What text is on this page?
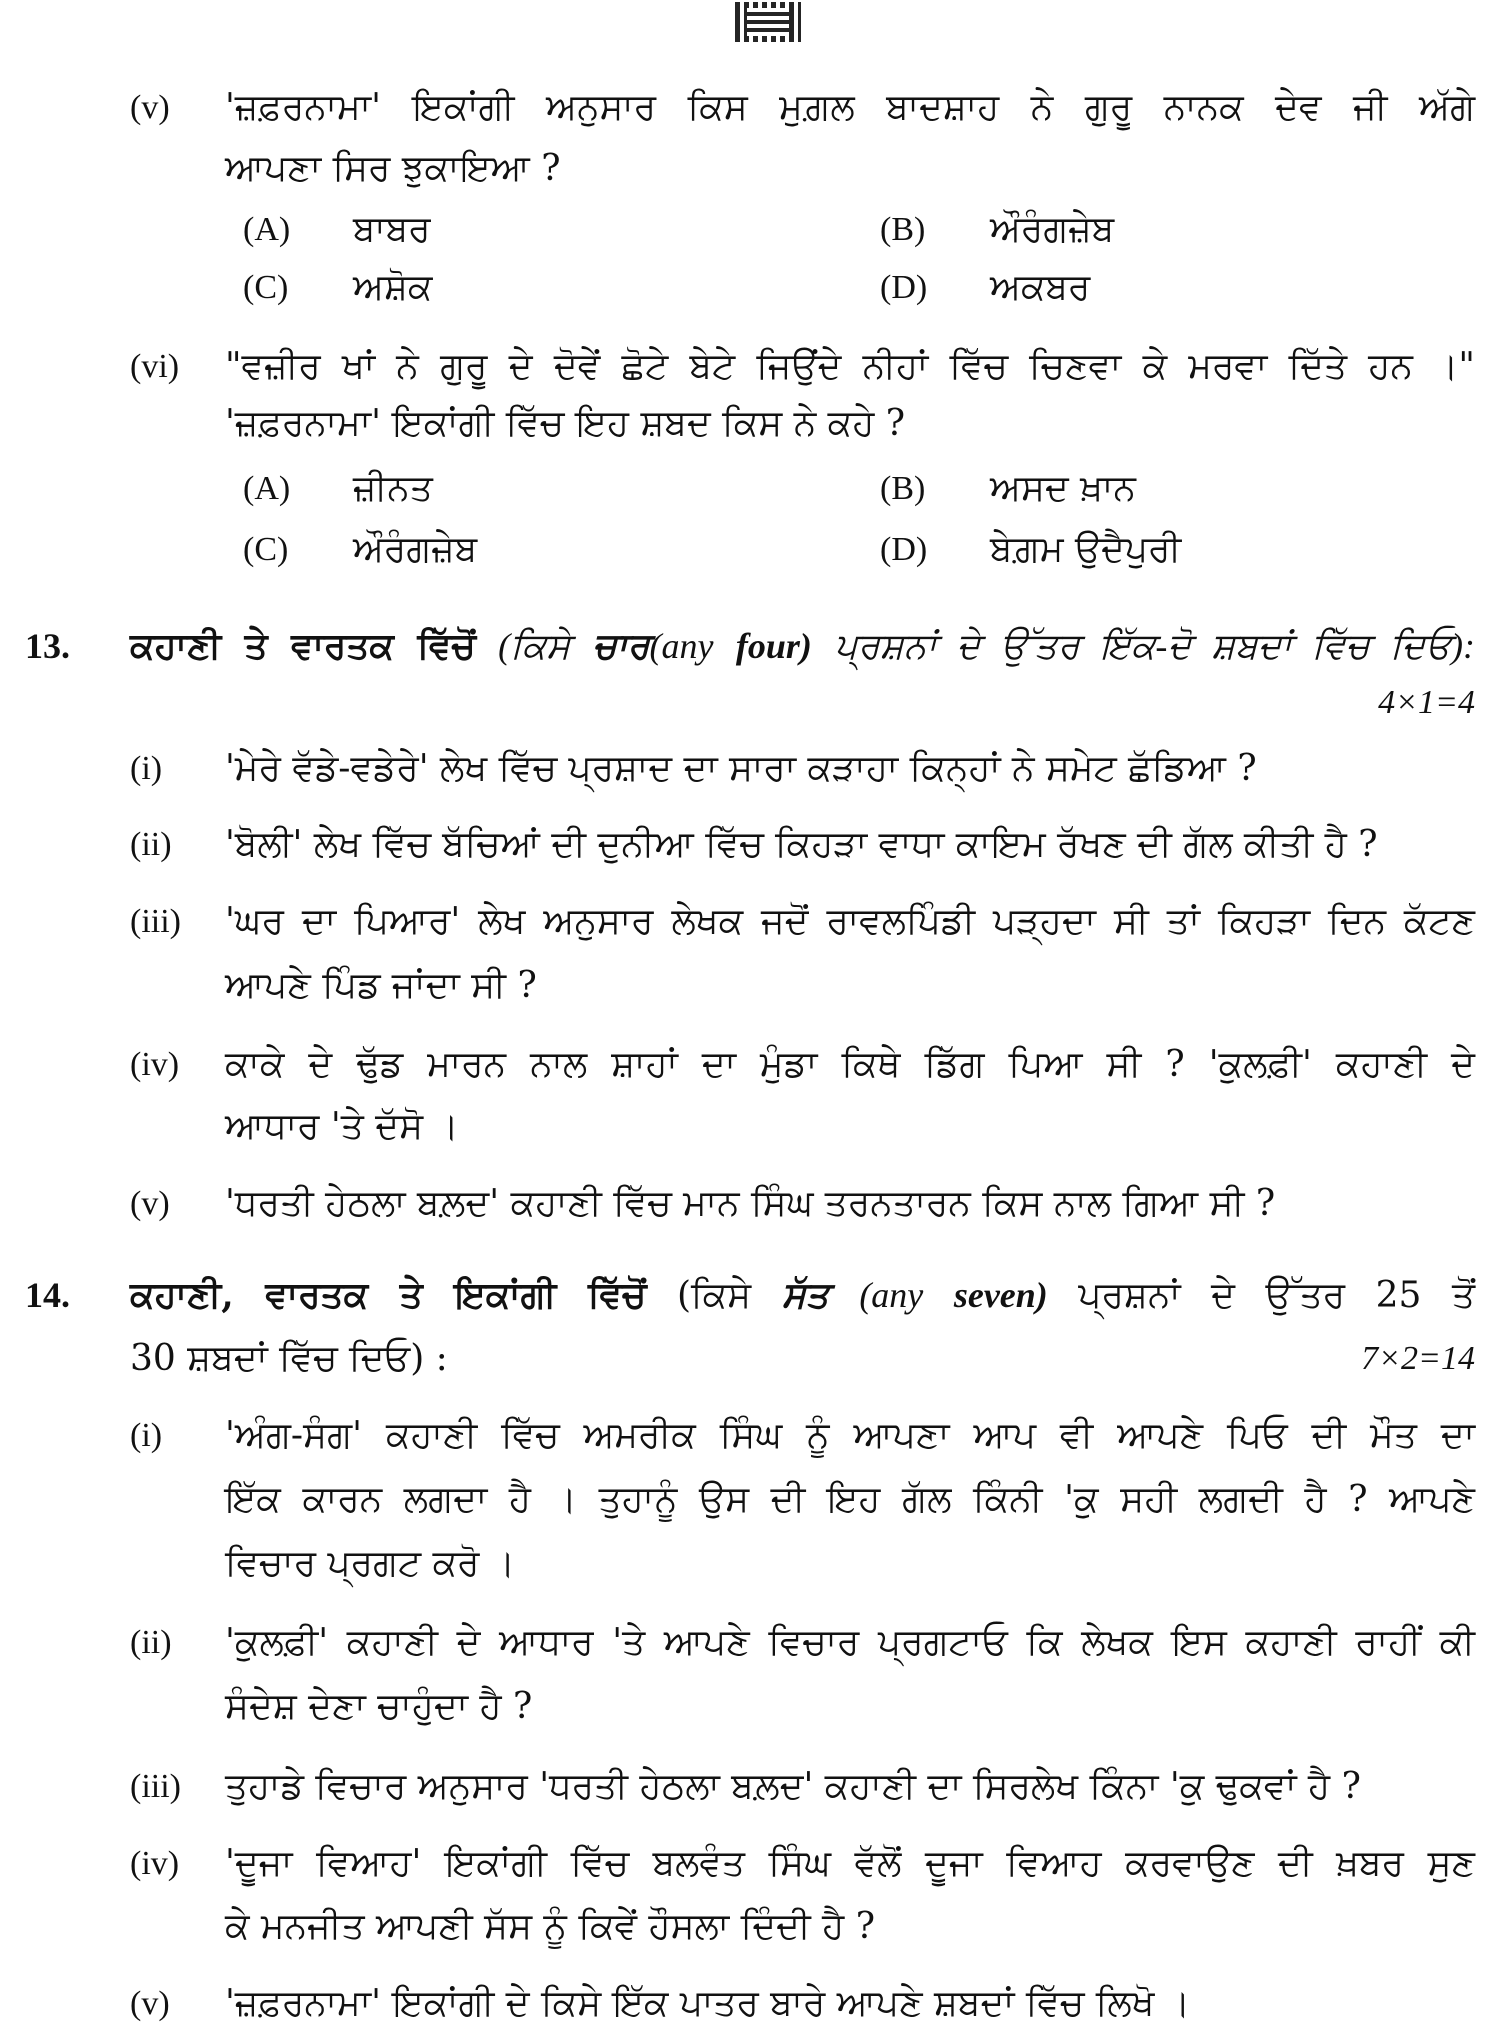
(v) 'ਜ਼ਫ਼ਰਨਾਮਾ' ਇਕਾਂਗੀ ਅਨੁਸਾਰ ਕਿਸ ਮੁਗ਼ਲ ਬਾਦਸ਼ਾਹ ਨੇ ਗੁਰੂ ਨਾਨਕ ਦੇਵ ਜੀ ਅੱਗੇ
ਆਪਣਾ ਸਿਰ ਝੁਕਾਇਆ ?
(A) ਬਾਬਰ	(B) ਔਰੰਗਜ਼ੇਬ
(C) ਅਸ਼ੋਕ	(D) ਅਕਬਰ
(vi) "ਵਜ਼ੀਰ ਖਾਂ ਨੇ ਗੁਰੂ ਦੇ ਦੋਵੇਂ ਛੋਟੇ ਬੇਟੇ ਜਿਉਂਦੇ ਨੀਹਾਂ ਵਿੱਚ ਚਿਣਵਾ ਕੇ ਮਰਵਾ ਦਿੱਤੇ ਹਨ ।"
'ਜ਼ਫ਼ਰਨਾਮਾ' ਇਕਾਂਗੀ ਵਿੱਚ ਇਹ ਸ਼ਬਦ ਕਿਸ ਨੇ ਕਹੇ ?
(A) ਜ਼ੀਨਤ	(B) ਅਸਦ ਖ਼ਾਨ
(C) ਔਰੰਗਜ਼ੇਬ	(D) ਬੇਗ਼ਮ ਉਦੈਪੁਰੀ
13. ਕਹਾਣੀ ਤੇ ਵਾਰਤਕ ਵਿੱਚੋਂ (ਕਿਸੇ ਚਾਰ(any four) ਪ੍ਰਸ਼ਨਾਂ ਦੇ ਉੱਤਰ ਇੱਕ-ਦੋ ਸ਼ਬਦਾਂ ਵਿੱਚ ਦਿਓ):
4×1=4
(i) 'ਮੇਰੇ ਵੱਡੇ-ਵਡੇਰੇ' ਲੇਖ ਵਿੱਚ ਪ੍ਰਸ਼ਾਦ ਦਾ ਸਾਰਾ ਕੜਾਹਾ ਕਿਨ੍ਹਾਂ ਨੇ ਸਮੇਟ ਛੱਡਿਆ ?
(ii) 'ਬੋਲੀ' ਲੇਖ ਵਿੱਚ ਬੱਚਿਆਂ ਦੀ ਦੁਨੀਆ ਵਿੱਚ ਕਿਹੜਾ ਵਾਧਾ ਕਾਇਮ ਰੱਖਣ ਦੀ ਗੱਲ ਕੀਤੀ ਹੈ ?
(iii) 'ਘਰ ਦਾ ਪਿਆਰ' ਲੇਖ ਅਨੁਸਾਰ ਲੇਖਕ ਜਦੋਂ ਰਾਵਲਪਿੰਡੀ ਪੜ੍ਹਦਾ ਸੀ ਤਾਂ ਕਿਹੜਾ ਦਿਨ ਕੱਟਣ
ਆਪਣੇ ਪਿੰਡ ਜਾਂਦਾ ਸੀ ?
(iv) ਕਾਕੇ ਦੇ ਢੁੱਡ ਮਾਰਨ ਨਾਲ ਸ਼ਾਹਾਂ ਦਾ ਮੁੰਡਾ ਕਿਥੇ ਡਿੱਗ ਪਿਆ ਸੀ ? 'ਕੁਲਫ਼ੀ' ਕਹਾਣੀ ਦੇ
ਆਧਾਰ 'ਤੇ ਦੱਸੋ ।
(v) 'ਧਰਤੀ ਹੇਠਲਾ ਬਲ਼ਦ' ਕਹਾਣੀ ਵਿੱਚ ਮਾਨ ਸਿੰਘ ਤਰਨਤਾਰਨ ਕਿਸ ਨਾਲ ਗਿਆ ਸੀ ?
14. ਕਹਾਣੀ, ਵਾਰਤਕ ਤੇ ਇਕਾਂਗੀ ਵਿੱਚੋਂ (ਕਿਸੇ ਸੱਤ (any seven) ਪ੍ਰਸ਼ਨਾਂ ਦੇ ਉੱਤਰ 25 ਤੋਂ
30 ਸ਼ਬਦਾਂ ਵਿੱਚ ਦਿਓ) :	7×2=14
(i) 'ਅੰਗ-ਸੰਗ' ਕਹਾਣੀ ਵਿੱਚ ਅਮਰੀਕ ਸਿੰਘ ਨੂੰ ਆਪਣਾ ਆਪ ਵੀ ਆਪਣੇ ਪਿਓ ਦੀ ਮੌਤ ਦਾ
ਇੱਕ ਕਾਰਨ ਲਗਦਾ ਹੈ । ਤੁਹਾਨੂੰ ਉਸ ਦੀ ਇਹ ਗੱਲ ਕਿੰਨੀ 'ਕੁ ਸਹੀ ਲਗਦੀ ਹੈ ? ਆਪਣੇ
ਵਿਚਾਰ ਪ੍ਰਗਟ ਕਰੋ ।
(ii) 'ਕੁਲਫ਼ੀ' ਕਹਾਣੀ ਦੇ ਆਧਾਰ 'ਤੇ ਆਪਣੇ ਵਿਚਾਰ ਪ੍ਰਗਟਾਓ ਕਿ ਲੇਖਕ ਇਸ ਕਹਾਣੀ ਰਾਹੀਂ ਕੀ
ਸੰਦੇਸ਼ ਦੇਣਾ ਚਾਹੁੰਦਾ ਹੈ ?
(iii) ਤੁਹਾਡੇ ਵਿਚਾਰ ਅਨੁਸਾਰ 'ਧਰਤੀ ਹੇਠਲਾ ਬਲ਼ਦ' ਕਹਾਣੀ ਦਾ ਸਿਰਲੇਖ ਕਿੰਨਾ 'ਕੁ ਢੁਕਵਾਂ ਹੈ ?
(iv) 'ਦੂਜਾ ਵਿਆਹ' ਇਕਾਂਗੀ ਵਿੱਚ ਬਲਵੰਤ ਸਿੰਘ ਵੱਲੋਂ ਦੂਜਾ ਵਿਆਹ ਕਰਵਾਉਣ ਦੀ ਖ਼ਬਰ ਸੁਣ
ਕੇ ਮਨਜੀਤ ਆਪਣੀ ਸੱਸ ਨੂੰ ਕਿਵੇਂ ਹੌਸਲਾ ਦਿੰਦੀ ਹੈ ?
(v) 'ਜ਼ਫ਼ਰਨਾਮਾ' ਇਕਾਂਗੀ ਦੇ ਕਿਸੇ ਇੱਕ ਪਾਤਰ ਬਾਰੇ ਆਪਣੇ ਸ਼ਬਦਾਂ ਵਿੱਚ ਲਿਖੋ ।
